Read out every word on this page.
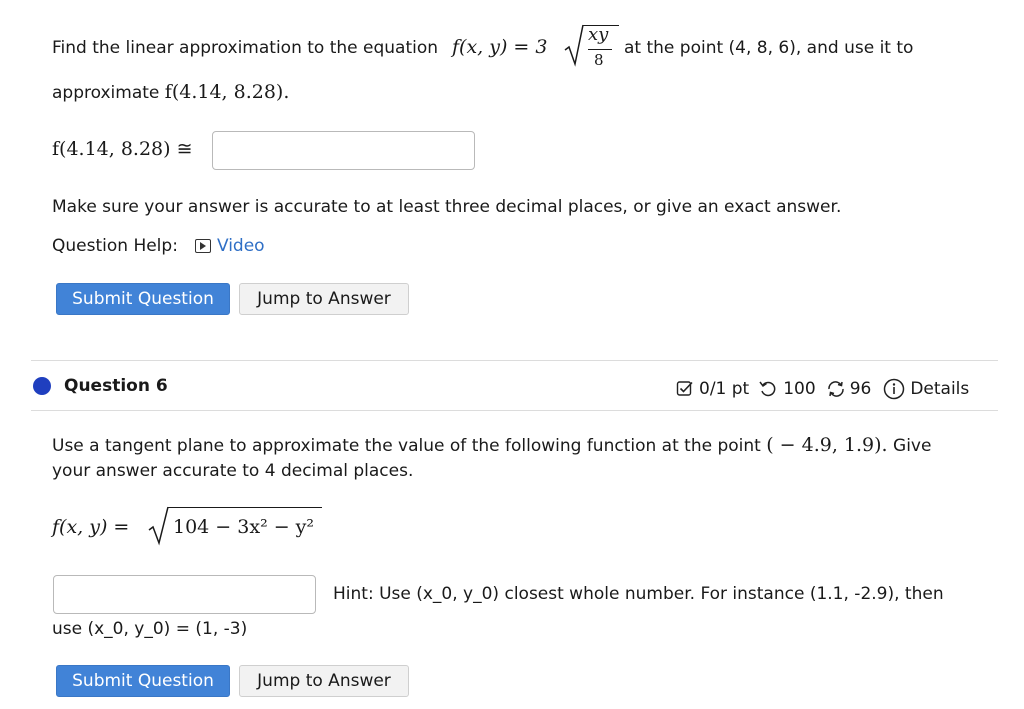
Find the linear approximation to the equation f(x, y) = 3
xy
8
at the point (4, 8, 6), and use it to
approximate f(4.14, 8.28).
f(4.14, 8.28) ≅
Make sure your answer is accurate to at least three decimal places, or give an exact answer.
Question Help: Video
Submit Question	Jump to Answer
Question 6	0/1 pt 100 96 Details
Use a tangent plane to approximate the value of the following function at the point ( − 4.9, 1.9). Give
your answer accurate to 4 decimal places.
f(x, y) = 104 − 3x² − y²
Hint: Use (x_0, y_0) closest whole number. For instance (1.1, -2.9), then
use (x_0, y_0) = (1, -3)
Submit Question	Jump to Answer
